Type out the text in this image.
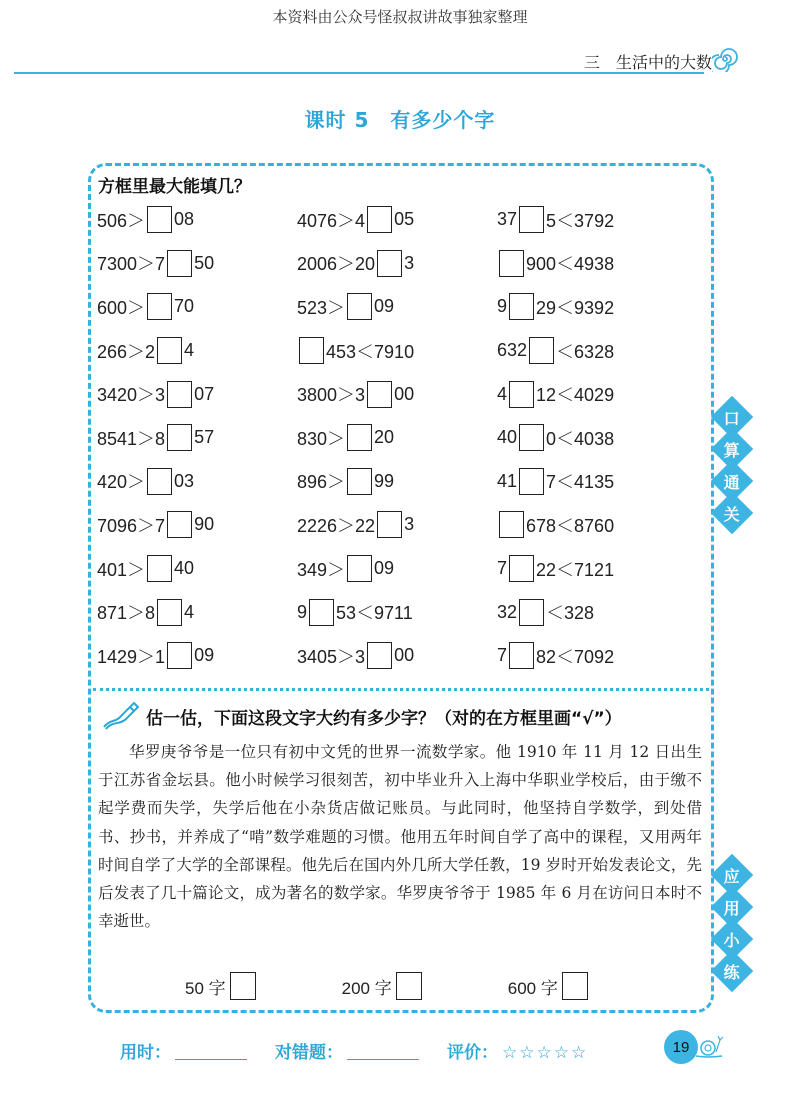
本资料由公众号怪叔叔讲故事独家整理
三　生活中的大数
课时 5　有多少个字
方框里最大能填几？
506＞ 08	4076＞4 05	37 5＜3792
7300＞7 50	2006＞20 3	900＜4938
600＞ 70	523＞ 09	9 29＜9392
266＞2 4	453＜7910	632 ＜6328
3420＞3 07	3800＞3 00	4 12＜4029
8541＞8 57	830＞ 20	40 0＜4038
420＞ 03	896＞ 99	41 7＜4135
7096＞7 90	2226＞22 3	678＜8760
401＞ 40	349＞ 09	7 22＜7121
871＞8 4	9 53＜9711	32 ＜328
1429＞1 09	3405＞3 00	7 82＜7092
口
算
通
关
应
用
小
练
估一估，下面这段文字大约有多少字？（对的在方框里画“√”）
华罗庚爷爷是一位只有初中文凭的世界一流数学家。他 1910 年 11 月 12 日出生于江苏省金坛县。他小时候学习很刻苦，初中毕业升入上海中华职业学校后，由于缴不起学费而失学，失学后他在小杂货店做记账员。与此同时，他坚持自学数学，到处借书、抄书，并养成了“啃”数学难题的习惯。他用五年时间自学了高中的课程，又用两年时间自学了大学的全部课程。他先后在国内外几所大学任教，19 岁时开始发表论文，先后发表了几十篇论文，成为著名的数学家。华罗庚爷爷于 1985 年 6 月在访问日本时不幸逝世。
50 字	200 字	600 字
用时：	对错题：	评价： ☆☆☆☆☆	19
